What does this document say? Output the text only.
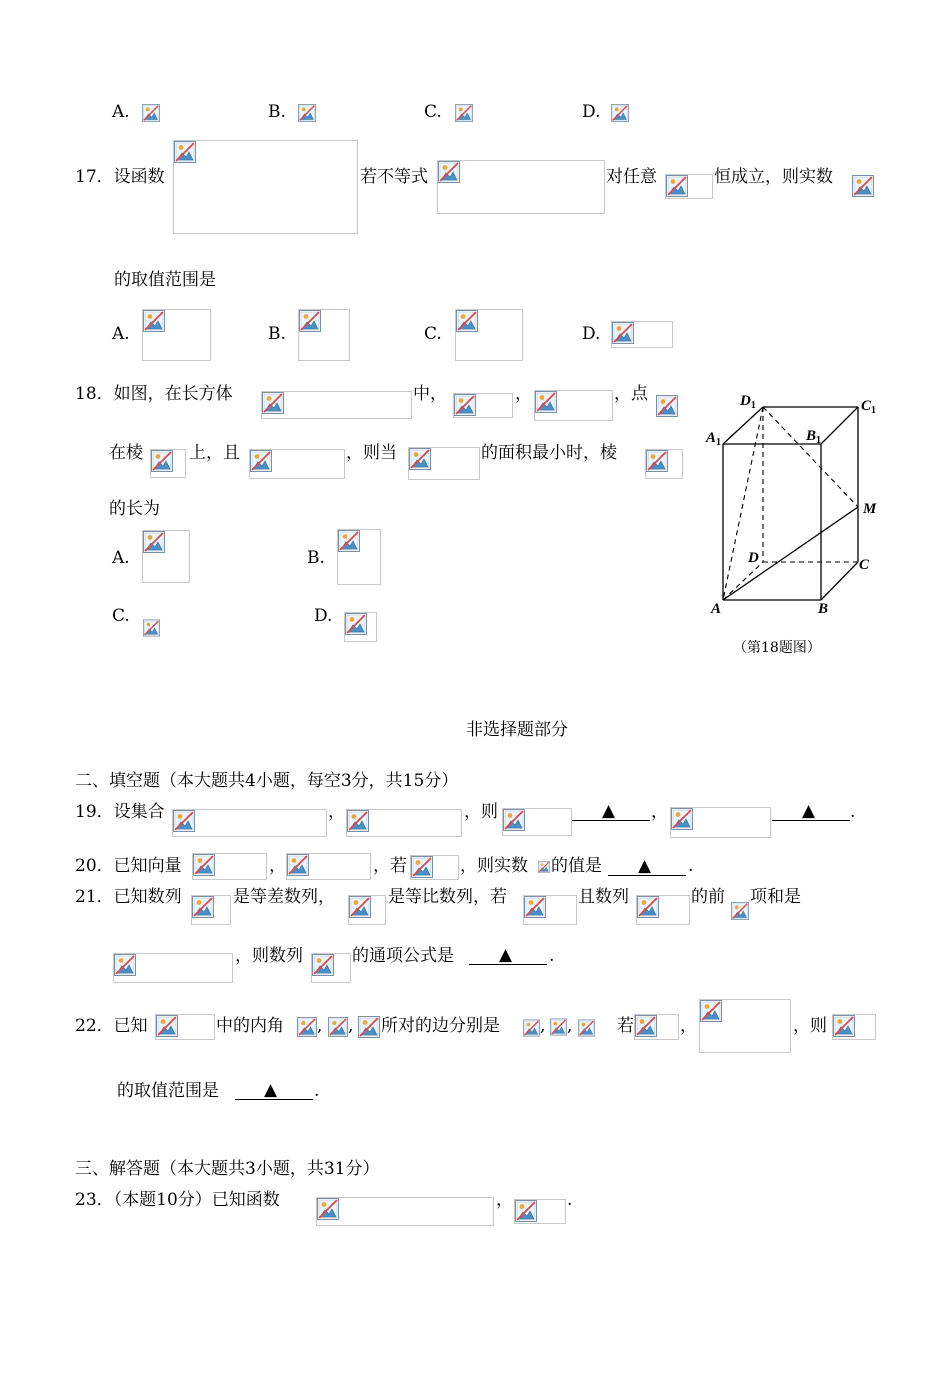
A.	B.	C.	D.
17．设函数	若不等式	对任意	恒成立，则实数
的取值范围是
A.	B.	C.	D.
18．如图，在长方体	中，	，	，点
在棱	上，且	，则当	的面积最小时，棱
的长为
A.	B.
C.	D.
$D_1$	$C_1$
$A_1$	$B_1$
M
D	C
A	B
（第18题图）
非选择题部分
二、填空题（本大题共4小题，每空3分，共15分）
19．设集合	，	，则	▲ ，	▲ .
20．已知向量	，	，若	，则实数 的值是 ▲ .
21．已知数列	是等差数列，	是等比数列，若	且数列	的前 项和是
，则数列	的通项公式是	▲ .
22．已知	中的内角 , , 所对的边分别是 , ,	若	，	，则
的取值范围是	▲ .
三、解答题（本大题共3小题，共31分）
23．（本题10分）已知函数	，	.
